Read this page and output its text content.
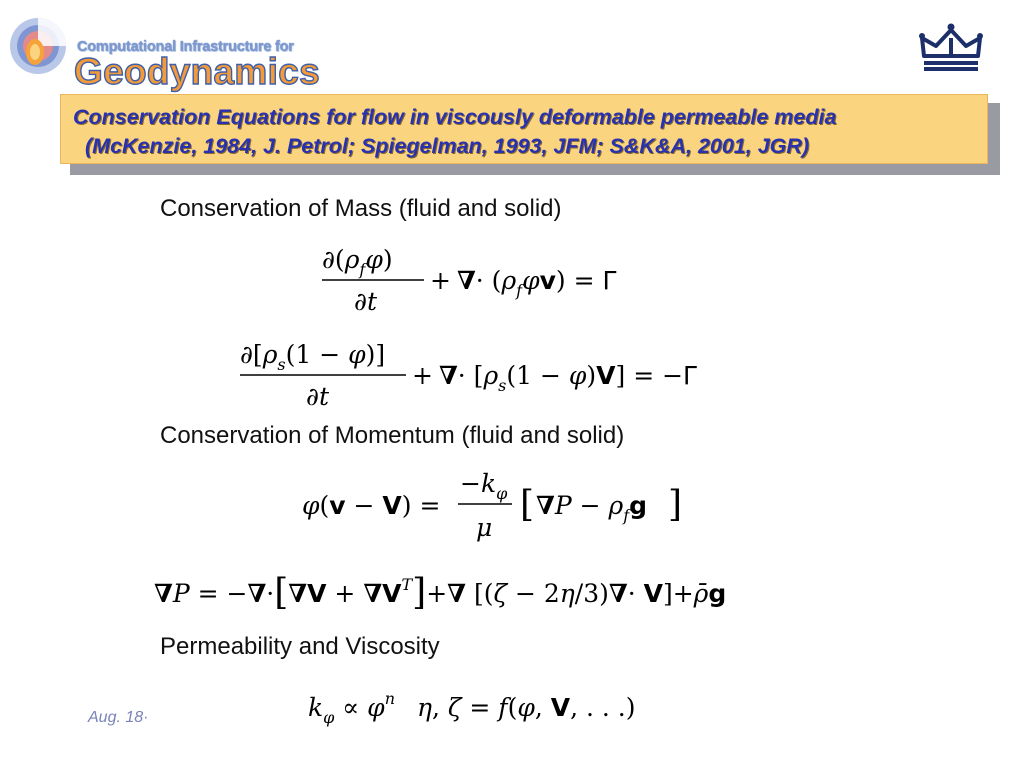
Computational Infrastructure for
Geodynamics
Conservation Equations for flow in viscously deformable permeable media
(McKenzie, 1984, J. Petrol; Spiegelman, 1993, JFM; S&K&A, 2001, JGR)
Conservation of Mass (fluid and solid)
$\partial(\rho_f\varphi)$
∂t
+ ∇· $(\rho_f\varphi v) = \Gamma$
$\partial[\rho_s(1 - \varphi)]$
∂t
+ ∇· $[\rho_s(1 - \varphi)V] = -\Gamma$
Conservation of Momentum (fluid and solid)
φ(v − V) =
$-k_\varphi$
μ
[ $\nabla P - \rho_fg$ ]
$\nabla P = -\nabla\cdot[\nabla V + \nabla V^T]+\nabla$ [(ζ − 2η/3)∇· V]+ρ̄g
Permeability and Viscosity
$k_\varphi \propto \varphi^n$ η, ζ = f(φ, V, . . .)
Aug. 18·
